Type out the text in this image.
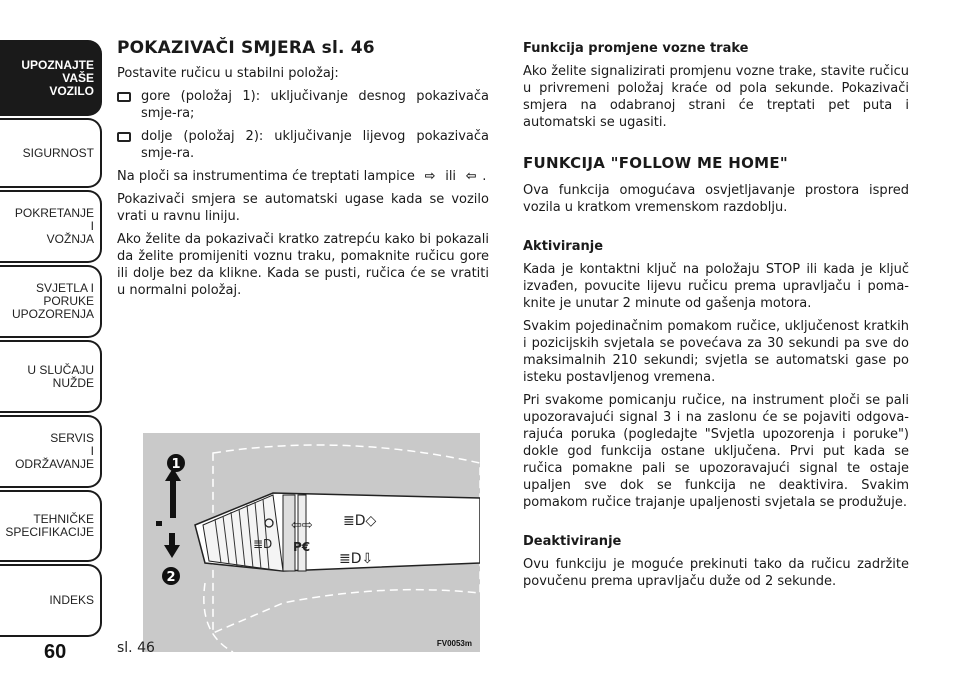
UPOZNAJTE
VAŠE
VOZILO
SIGURNOST
POKRETANJE
I
VOŽNJA
SVJETLA I
PORUKE
UPOZORENJA
U SLUČAJU
NUŽDE
SERVIS
I
ODRŽAVANJE
TEHNIČKE
SPECIFIKACIJE
INDEKS
60
POKAZIVAČI SMJERA sl. 46

Postavite ručicu u stabilni položaj:

gore (položaj 1): uključivanje desnog pokazivača smje-ra;
dolje (položaj 2): uključivanje lijevog pokazivača smje-ra.

Na ploči sa instrumentima će treptati lampice ⇨ ili ⇦ .

Pokazivači smjera se automatski ugase kada se vozilo vrati u ravnu liniju.

Ako želite da pokazivači kratko zatrepću kako bi pokazali da želite promijeniti voznu traku, pomaknite ručicu gore ili dolje bez da klikne. Kada se pusti, ručica će se vratiti u normalni položaj.

≣D
⇦⇨
P€
≣D◇
≣D⇩
1
2
FV0053m
sl. 46
Funkcija promjene vozne trake

Ako želite signalizirati promjenu vozne trake, stavite ručicu u privremeni položaj kraće od pola sekunde. Pokazivači smjera na odabranoj strani će treptati pet puta i automatski se ugasiti.

FUNKCIJA "FOLLOW ME HOME"

Ova funkcija omogućava osvjetljavanje prostora ispred vozila u kratkom vremenskom razdoblju.

Aktiviranje

Kada je kontaktni ključ na položaju STOP ili kada je ključ izvađen, povucite lijevu ručicu prema upravljaču i poma-knite je unutar 2 minute od gašenja motora.

Svakim pojedinačnim pomakom ručice, uključenost kratkih i pozicijskih svjetala se povećava za 30 sekundi pa sve do maksimalnih 210 sekundi; svjetla se automatski gase po isteku postavljenog vremena.

Pri svakome pomicanju ručice, na instrument ploči se pali upozoravajući signal 3 i na zaslonu će se pojaviti odgova-rajuća poruka (pogledajte "Svjetla upozorenja i poruke") dokle god funkcija ostane uključena. Prvi put kada se ručica pomakne pali se upozoravajući signal te ostaje upaljen sve dok se funkcija ne deaktivira. Svakim pomakom ručice trajanje upaljenosti svjetala se produžuje.

Deaktiviranje

Ovu funkciju je moguće prekinuti tako da ručicu zadržite povučenu prema upravljaču duže od 2 sekunde.
